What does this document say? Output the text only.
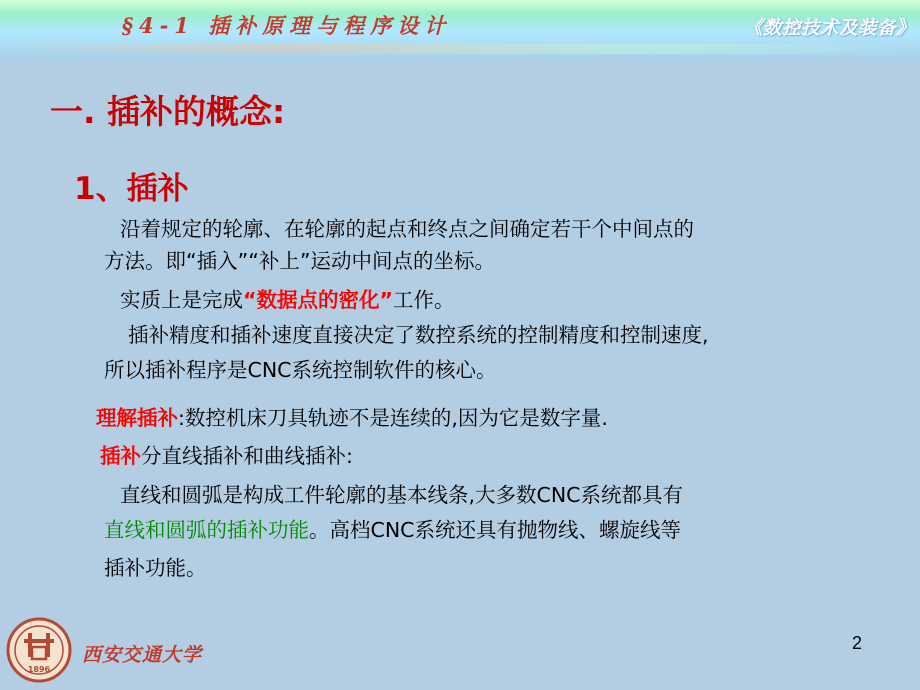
§4-1 插补原理与程序设计	《数控技术及装备》
一. 插补的概念:
1、插补
沿着规定的轮廓、在轮廓的起点和终点之间确定若干个中间点的
方法。即“插入”“补上”运动中间点的坐标。
实质上是完成“数据点的密化”工作。
插补精度和插补速度直接决定了数控系统的控制精度和控制速度,
所以插补程序是CNC系统控制软件的核心。
理解插补:数控机床刀具轨迹不是连续的,因为它是数字量.
插补分直线插补和曲线插补:
直线和圆弧是构成工件轮廓的基本线条,大多数CNC系统都具有
直线和圆弧的插补功能。高档CNC系统还具有抛物线、螺旋线等
插补功能。
1896
西安交通大学
2
